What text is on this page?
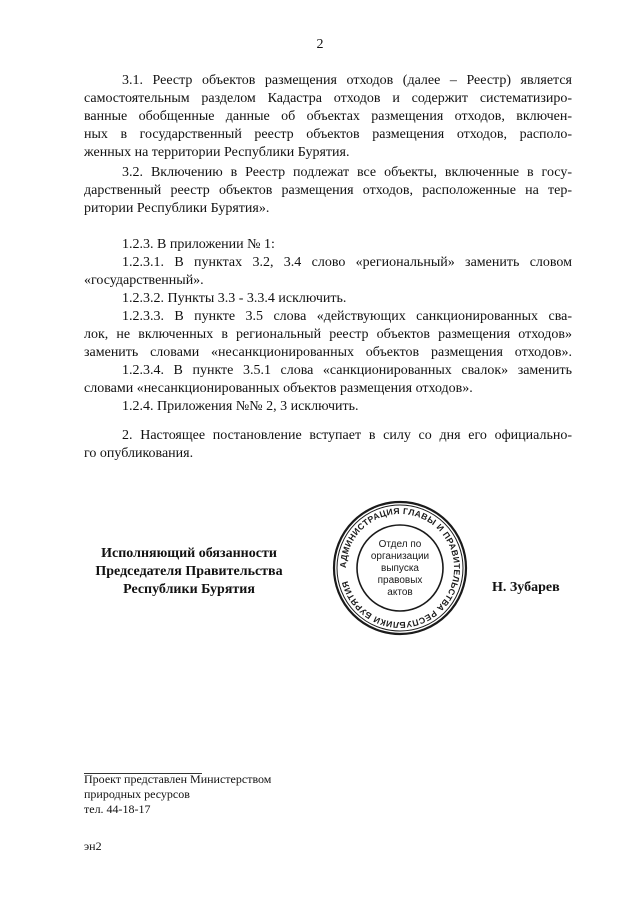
2
3.1. Реестр объектов размещения отходов (далее – Реестр) является
самостоятельным разделом Кадастра отходов и содержит систематизиро-
ванные обобщенные данные об объектах размещения отходов, включен-
ных в государственный реестр объектов размещения отходов, располо-
женных на территории Республики Бурятия.
3.2. Включению в Реестр подлежат все объекты, включенные в госу-
дарственный реестр объектов размещения отходов, расположенные на тер-
ритории Республики Бурятия».
1.2.3. В приложении № 1:
1.2.3.1. В пунктах 3.2, 3.4 слово «региональный» заменить словом
«государственный».
1.2.3.2. Пункты 3.3 - 3.3.4 исключить.
1.2.3.3. В пункте 3.5 слова «действующих санкционированных сва-
лок, не включенных в региональный реестр объектов размещения отходов»
заменить словами «несанкционированных объектов размещения отходов».
1.2.3.4. В пункте 3.5.1 слова «санкционированных свалок» заменить
словами «несанкционированных объектов размещения отходов».
1.2.4. Приложения №№ 2, 3 исключить.
2. Настоящее постановление вступает в силу со дня его официально-
го опубликования.
Исполняющий обязанности
Председателя Правительства
Республики Бурятия
АДМИНИСТРАЦИЯ ГЛАВЫ И ПРАВИТЕЛЬСТВА РЕСПУБЛИКИ БУРЯТИЯ
Отдел по
организации
выпуска
правовых
актов	Н. Зубарев
Проект представлен Министерством
природных ресурсов
тел. 44-18-17
эн2
